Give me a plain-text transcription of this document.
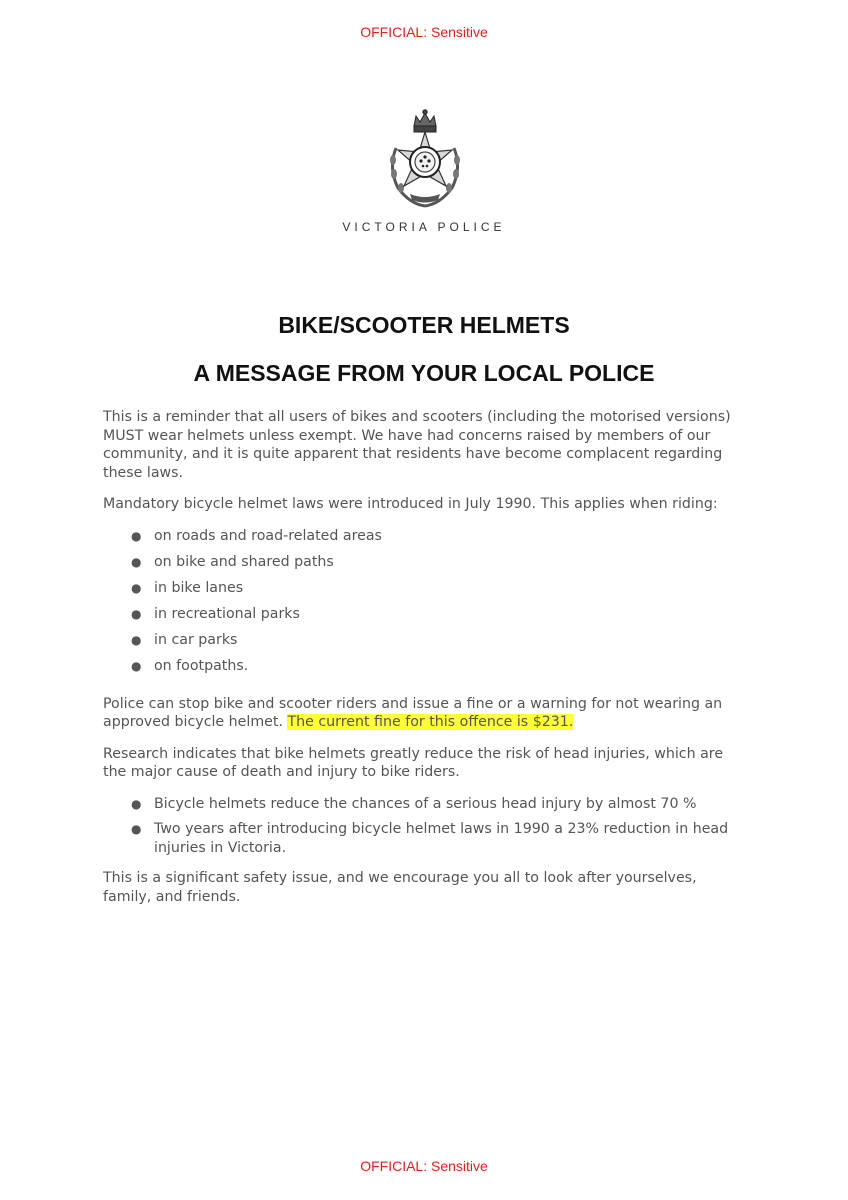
OFFICIAL: Sensitive
VICTORIA POLICE
BIKE/SCOOTER HELMETS
A MESSAGE FROM YOUR LOCAL POLICE

This is a reminder that all users of bikes and scooters (including the motorised versions) MUST wear helmets unless exempt. We have had concerns raised by members of our community, and it is quite apparent that residents have become complacent regarding these laws.

Mandatory bicycle helmet laws were introduced in July 1990. This applies when riding:

● on roads and road-related areas
● on bike and shared paths
● in bike lanes
● in recreational parks
● in car parks
● on footpaths.

Police can stop bike and scooter riders and issue a fine or a warning for not wearing an approved bicycle helmet. The current fine for this offence is $231.

Research indicates that bike helmets greatly reduce the risk of head injuries, which are the major cause of death and injury to bike riders.

● Bicycle helmets reduce the chances of a serious head injury by almost 70 %
● Two years after introducing bicycle helmet laws in 1990 a 23% reduction in head injuries in Victoria.

This is a significant safety issue, and we encourage you all to look after yourselves, family, and friends.

OFFICIAL: Sensitive
